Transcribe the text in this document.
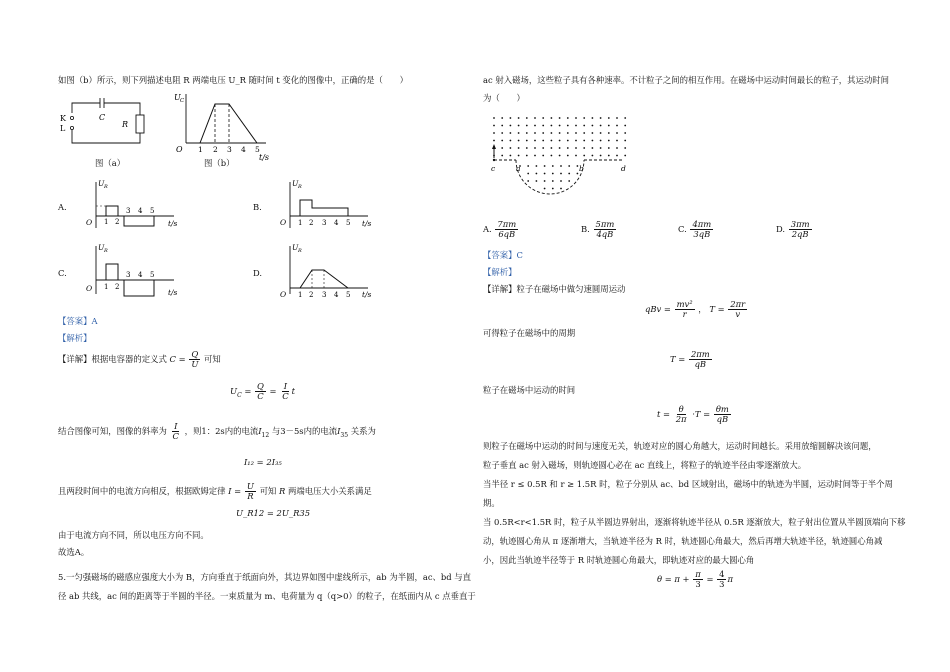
如图（b）所示，则下列描述电阻 R 两端电压 U_R 随时间 t 变化的图像中，正确的是（　　）
K
L
C
R
图（a）
U C
O 1 2 3 4 5
t/s
图（b）
A.
U R
O 1 2
3 4 5
t/s
B.
U R
O 1 2 3 4 5 t/s
C.
U R
O 1 2
3 4 5
t/s
D.
U R
O 1 2 3 4 5 t/s
【答案】A
【解析】
【详解】根据电容器的定义式 $C = \frac{Q}{U}$ 可知
$U_C = \frac{Q}{C} = \frac{I}{C}$ t
结合图像可知，图像的斜率为 $\frac{I}{C}$ ，则1：2s内的电流$I_{12}$ 与3－5s内的电流$I_{35}$ 关系为
I₁₂ = 2I₃₅
且两段时间中的电流方向相反，根据欧姆定律 $I = \frac{U}{R}$ 可知 R 两端电压大小关系满足
U_R12 = 2U_R35
由于电流方向不同，所以电压方向不同。
故选A。
5.一匀强磁场的磁感应强度大小为 B，方向垂直于纸面向外，其边界如图中虚线所示，ab 为半圆，ac、bd 与直
径 ab 共线，ac 间的距离等于半圆的半径。一束质量为 m、电荷量为 q（q>0）的粒子，在纸面内从 c 点垂直于
ac 射入磁场，这些粒子具有各种速率。不计粒子之间的相互作用。在磁场中运动时间最长的粒子，其运动时间
为（　　）
c	a	b	d
A. $\frac{7\pi m}{6qB}$	B. $\frac{5\pi m}{4qB}$	C. $\frac{4\pi m}{3qB}$	D. $\frac{3\pi m}{2qB}$
【答案】C
【解析】
【详解】粒子在磁场中做匀速圆周运动
qBv = $\frac{\text{mv²}}{r}$ ， $T = \frac{2\pi r}{v}$
可得粒子在磁场中的周期
$T = \frac{2\pi m}{qB}$
粒子在磁场中运动的时间
$t = \frac{\theta}{2\pi} \cdot T = \frac{\theta m}{qB}$
则粒子在磁场中运动的时间与速度无关，轨迹对应的圆心角越大，运动时间越长。采用放缩圆解决该问题，
粒子垂直 ac 射入磁场，则轨迹圆心必在 ac 直线上，将粒子的轨迹半径由零逐渐放大。
当半径 r ≤ 0.5R 和 r ≥ 1.5R 时，粒子分别从 ac、bd 区域射出，磁场中的轨迹为半圆，运动时间等于半个周
期。
当 0.5R<r<1.5R 时，粒子从半圆边界射出，逐渐将轨迹半径从 0.5R 逐渐放大，粒子射出位置从半圆顶端向下移
动，轨迹圆心角从 π 逐渐增大，当轨迹半径为 R 时，轨迹圆心角最大，然后再增大轨迹半径，轨迹圆心角减
小，因此当轨迹半径等于 R 时轨迹圆心角最大，即轨迹对应的最大圆心角
$\theta = \pi + \frac{\pi}{3} = \frac{4}{3}$ π
